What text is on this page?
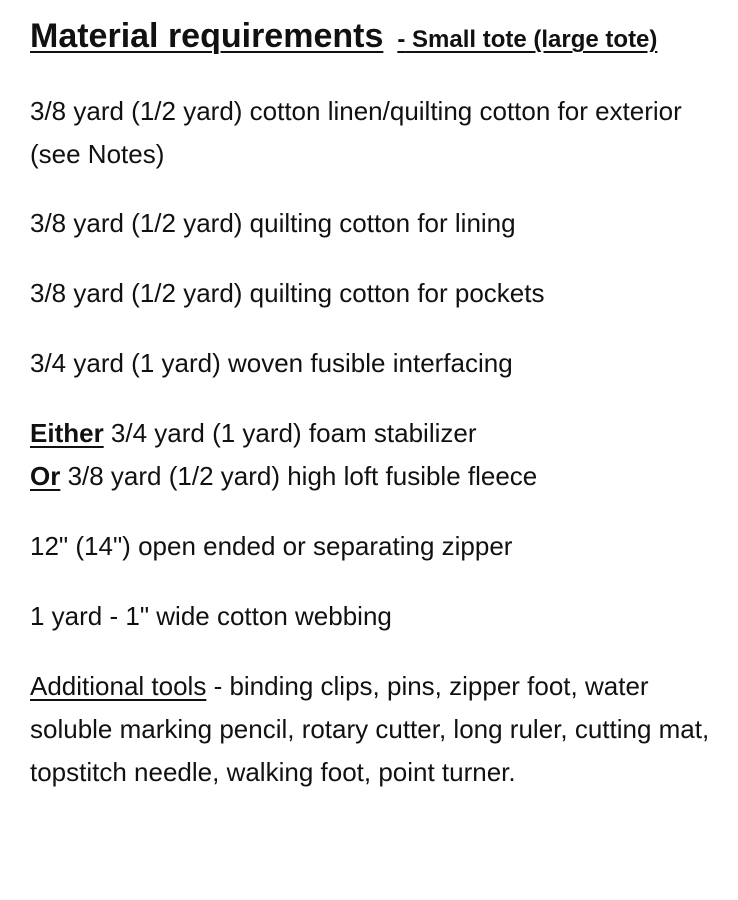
Material requirements - Small tote (large tote)

3/8 yard (1/2 yard) cotton linen/quilting cotton for exterior (see Notes)

3/8 yard (1/2 yard) quilting cotton for lining

3/8 yard (1/2 yard) quilting cotton for pockets

3/4 yard (1 yard) woven fusible interfacing

Either 3/4 yard (1 yard) foam stabilizer

Or 3/8 yard (1/2 yard) high loft fusible fleece

12" (14") open ended or separating zipper

1 yard - 1" wide cotton webbing

Additional tools - binding clips, pins, zipper foot, water soluble marking pencil, rotary cutter, long ruler, cutting mat, topstitch needle, walking foot, point turner.
